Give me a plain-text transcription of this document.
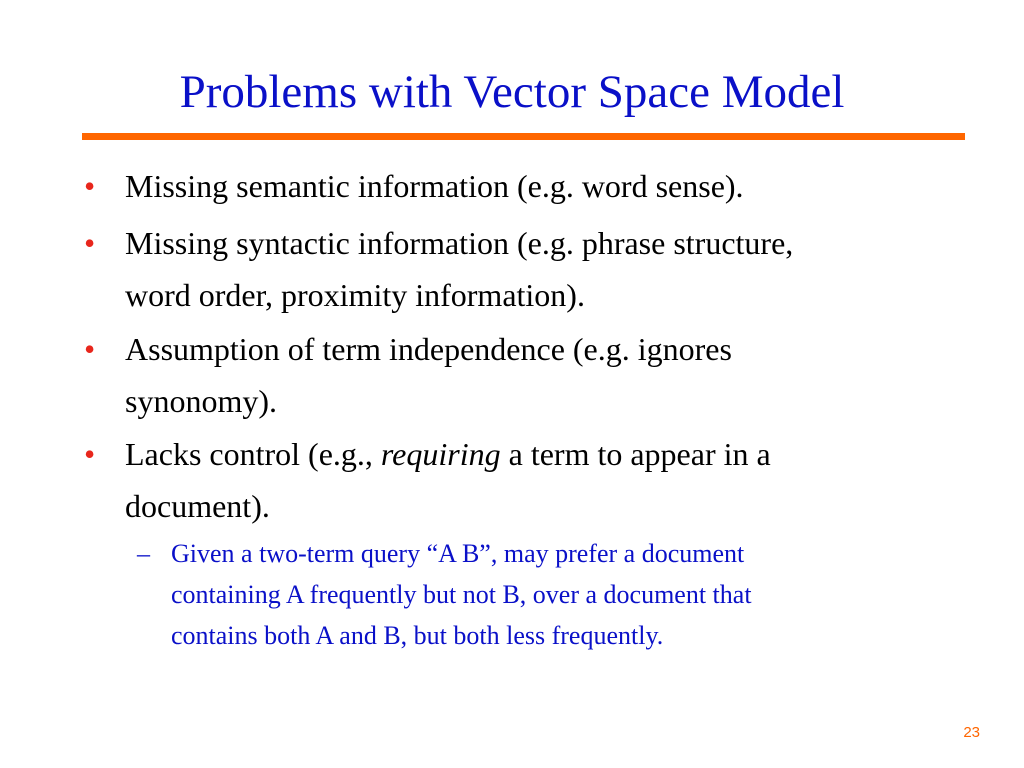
Problems with Vector Space Model
• Missing semantic information (e.g. word sense).
• Missing syntactic information (e.g. phrase structure,
word order, proximity information).
• Assumption of term independence (e.g. ignores
synonomy).
• Lacks control (e.g., requiring a term to appear in a
document).
– Given a two-term query “A B”, may prefer a document
containing A frequently but not B, over a document that
contains both A and B, but both less frequently.
23
